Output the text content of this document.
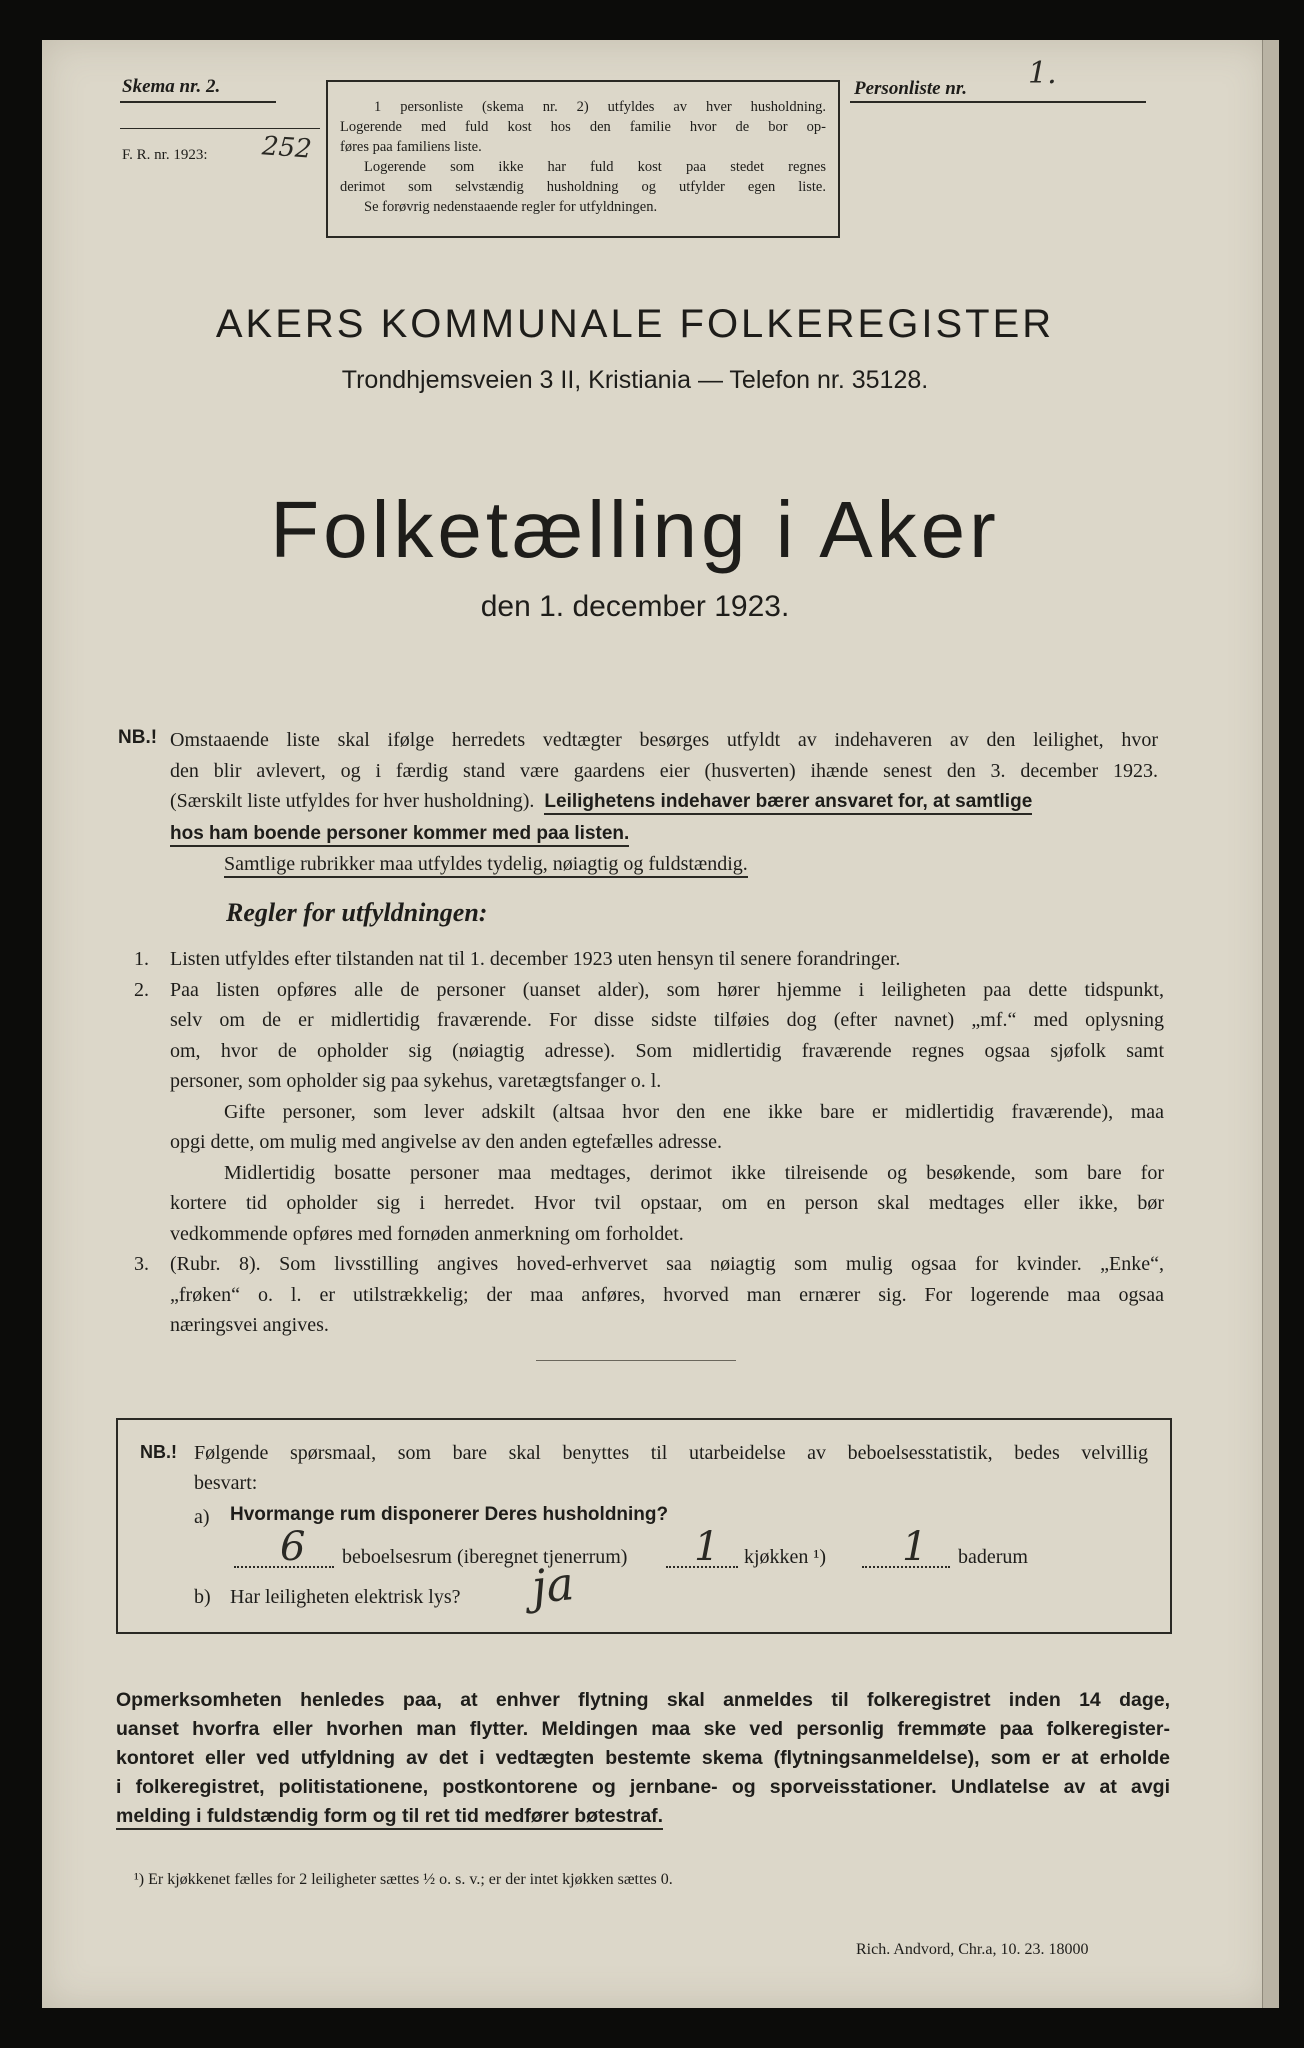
Skema nr. 2.
F. R. nr. 1923: 252
Personliste nr. 1.

1 personliste (skema nr. 2) utfyldes av hver husholdning.

Logerende med fuld kost hos den familie hvor de bor op-

føres paa familiens liste.

Logerende som ikke har fuld kost paa stedet regnes

derimot som selvstændig husholdning og utfylder egen liste.

Se forøvrig nedenstaaende regler for utfyldningen.

AKERS KOMMUNALE FOLKEREGISTER
Trondhjemsveien 3 II, Kristiania — Telefon nr. 35128.
Folketælling i Aker
den 1. december 1923.
NB.! Omstaaende liste skal ifølge herredets vedtægter besørges utfyldt av indehaveren av den leilighet, hvor

den blir avlevert, og i færdig stand være gaardens eier (husverten) ihænde senest den 3. december 1923.

(Særskilt liste utfyldes for hver husholdning). Leilighetens indehaver bærer ansvaret for, at samtlige

hos ham boende personer kommer med paa listen.

Samtlige rubrikker maa utfyldes tydelig, nøiagtig og fuldstændig.

Regler for utfyldningen:
1. Listen utfyldes efter tilstanden nat til 1. december 1923 uten hensyn til senere forandringer.
2. Paa listen opføres alle de personer (uanset alder), som hører hjemme i leiligheten paa dette tidspunkt,
selv om de er midlertidig fraværende. For disse sidste tilføies dog (efter navnet) „mf.“ med oplysning
om, hvor de opholder sig (nøiagtig adresse). Som midlertidig fraværende regnes ogsaa sjøfolk samt
personer, som opholder sig paa sykehus, varetægtsfanger o. l.
Gifte personer, som lever adskilt (altsaa hvor den ene ikke bare er midlertidig fraværende), maa
opgi dette, om mulig med angivelse av den anden egtefælles adresse.
Midlertidig bosatte personer maa medtages, derimot ikke tilreisende og besøkende, som bare for
kortere tid opholder sig i herredet. Hvor tvil opstaar, om en person skal medtages eller ikke, bør
vedkommende opføres med fornøden anmerkning om forholdet.
3. (Rubr. 8). Som livsstilling angives hoved-erhvervet saa nøiagtig som mulig ogsaa for kvinder. „Enke“,
„frøken“ o. l. er utilstrækkelig; der maa anføres, hvorved man ernærer sig. For logerende maa ogsaa
næringsvei angives.
NB.! Følgende spørsmaal, som bare skal benyttes til utarbeidelse av beboelsesstatistik, bedes velvillig
besvart:
a) Hvormange rum disponerer Deres husholdning?
6 beboelsesrum (iberegnet tjenerrum) 1 kjøkken ¹) 1 baderum
b) Har leiligheten elektrisk lys? ja

Opmerksomheten henledes paa, at enhver flytning skal anmeldes til folkeregistret inden 14 dage,

uanset hvorfra eller hvorhen man flytter. Meldingen maa ske ved personlig fremmøte paa folkeregister-

kontoret eller ved utfyldning av det i vedtægten bestemte skema (flytningsanmeldelse), som er at erholde

i folkeregistret, politistationene, postkontorene og jernbane- og sporveisstationer. Undlatelse av at avgi

melding i fuldstændig form og til ret tid medfører bøtestraf.

¹) Er kjøkkenet fælles for 2 leiligheter sættes ½ o. s. v.; er der intet kjøkken sættes 0.
Rich. Andvord, Chr.a, 10. 23. 18000
